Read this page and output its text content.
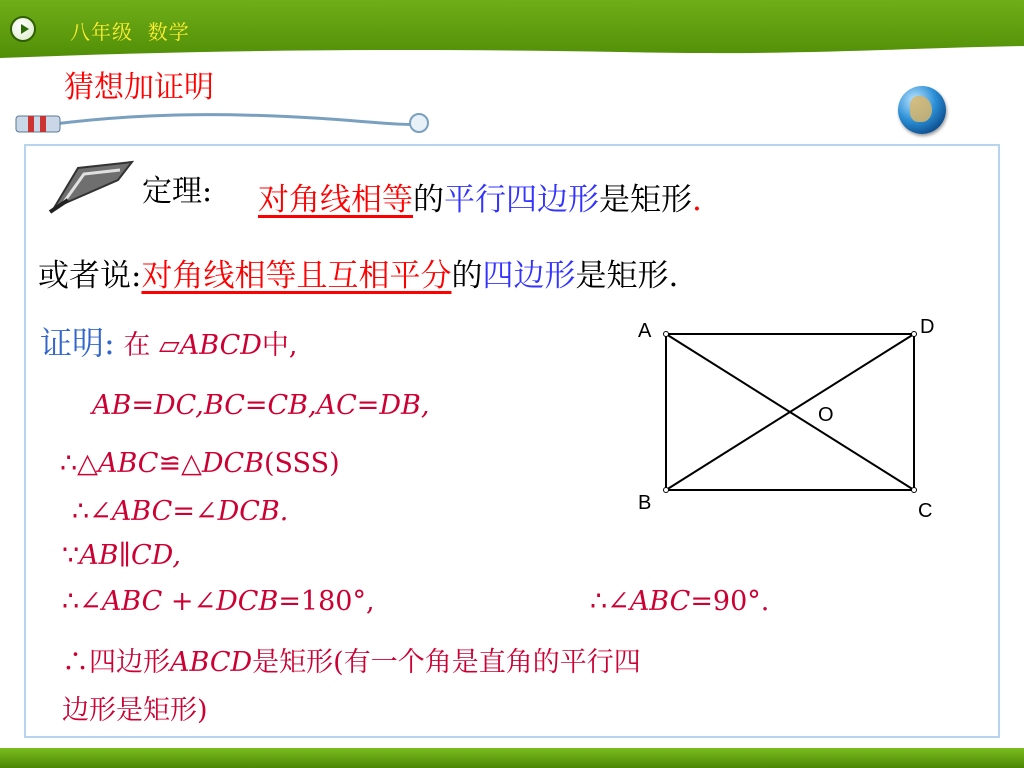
八年级 数学
猜想加证明
定理: 对角线相等的平行四边形是矩形.
或者说:对角线相等且互相平分的四边形是矩形.
证明: 在 ▱ABCD中,
AB=DC,BC=CB,AC=DB,
∴△ABC≌△DCB(SSS)
∴∠ABC=∠DCB.
∵AB∥CD,
∴∠ABC +∠DCB=180°,	∴∠ABC=90°.
∴四边形ABCD是矩形(有一个角是直角的平行四
边形是矩形)
A	D
B	C
O
